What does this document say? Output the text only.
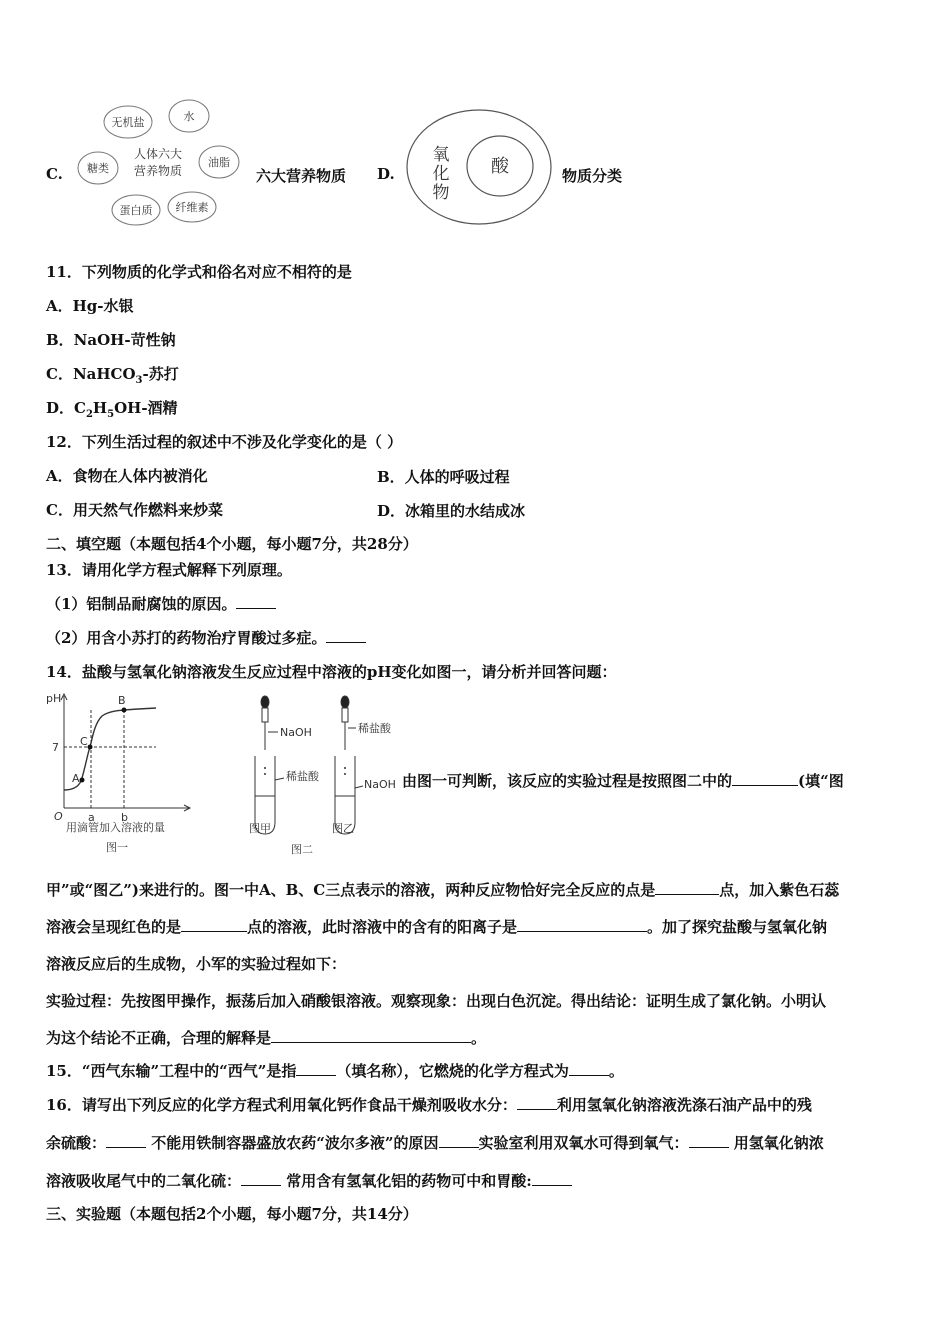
C.
无机盐	水
油脂
纤维素
蛋白质
糖类
人体六大
营养物质	六大营养物质 D.
氧
化
物
酸	物质分类
11．下列物质的化学式和俗名对应不相符的是
A．Hg-水银
B．NaOH-苛性钠
C．NaHCO$_3$-苏打
D．$C_2H_5OH-$酒精
12．下列生活过程的叙述中不涉及化学变化的是（ ）
A．食物在人体内被消化	B．人体的呼吸过程
C．用天然气作燃料来炒菜	D．冰箱里的水结成冰
二、填空题（本题包括4个小题，每小题7分，共28分）
13．请用化学方程式解释下列原理。
（1）铝制品耐腐蚀的原因。
（2）用含小苏打的药物治疗胃酸过多症。
14．盐酸与氢氧化钠溶液发生反应过程中溶液的pH变化如图一，请分析并回答问题：
pH
7
O a b
A
C
B
用滴管加入溶液的量
图一
NaOH
稀盐酸
稀盐酸
NaOH
图甲	图乙
图二
由图一可判断，该反应的实验过程是按照图二中的	(填“图
甲”或“图乙”)来进行的。图一中A、B、C三点表示的溶液，两种反应物恰好完全反应的点是	点，加入紫色石蕊
溶液会呈现红色的是	点的溶液，此时溶液中的含有的阳离子是	。加了探究盐酸与氢氧化钠
溶液反应后的生成物，小军的实验过程如下：
实验过程：先按图甲操作，振荡后加入硝酸银溶液。观察现象：出现白色沉淀。得出结论：证明生成了氯化钠。小明认
为这个结论不正确，合理的解释是	。
15．“西气东输”工程中的“西气”是指	（填名称），它燃烧的化学方程式为	。
16．请写出下列反应的化学方程式利用氧化钙作食品干燥剂吸收水分：	利用氢氧化钠溶液洗涤石油产品中的残
余硫酸：	不能用铁制容器盛放农药“波尔多液”的原因	实验室利用双氧水可得到氧气：	用氢氧化钠浓
溶液吸收尾气中的二氧化硫：	常用含有氢氧化铝的药物可中和胃酸:
三、实验题（本题包括2个小题，每小题7分，共14分）
